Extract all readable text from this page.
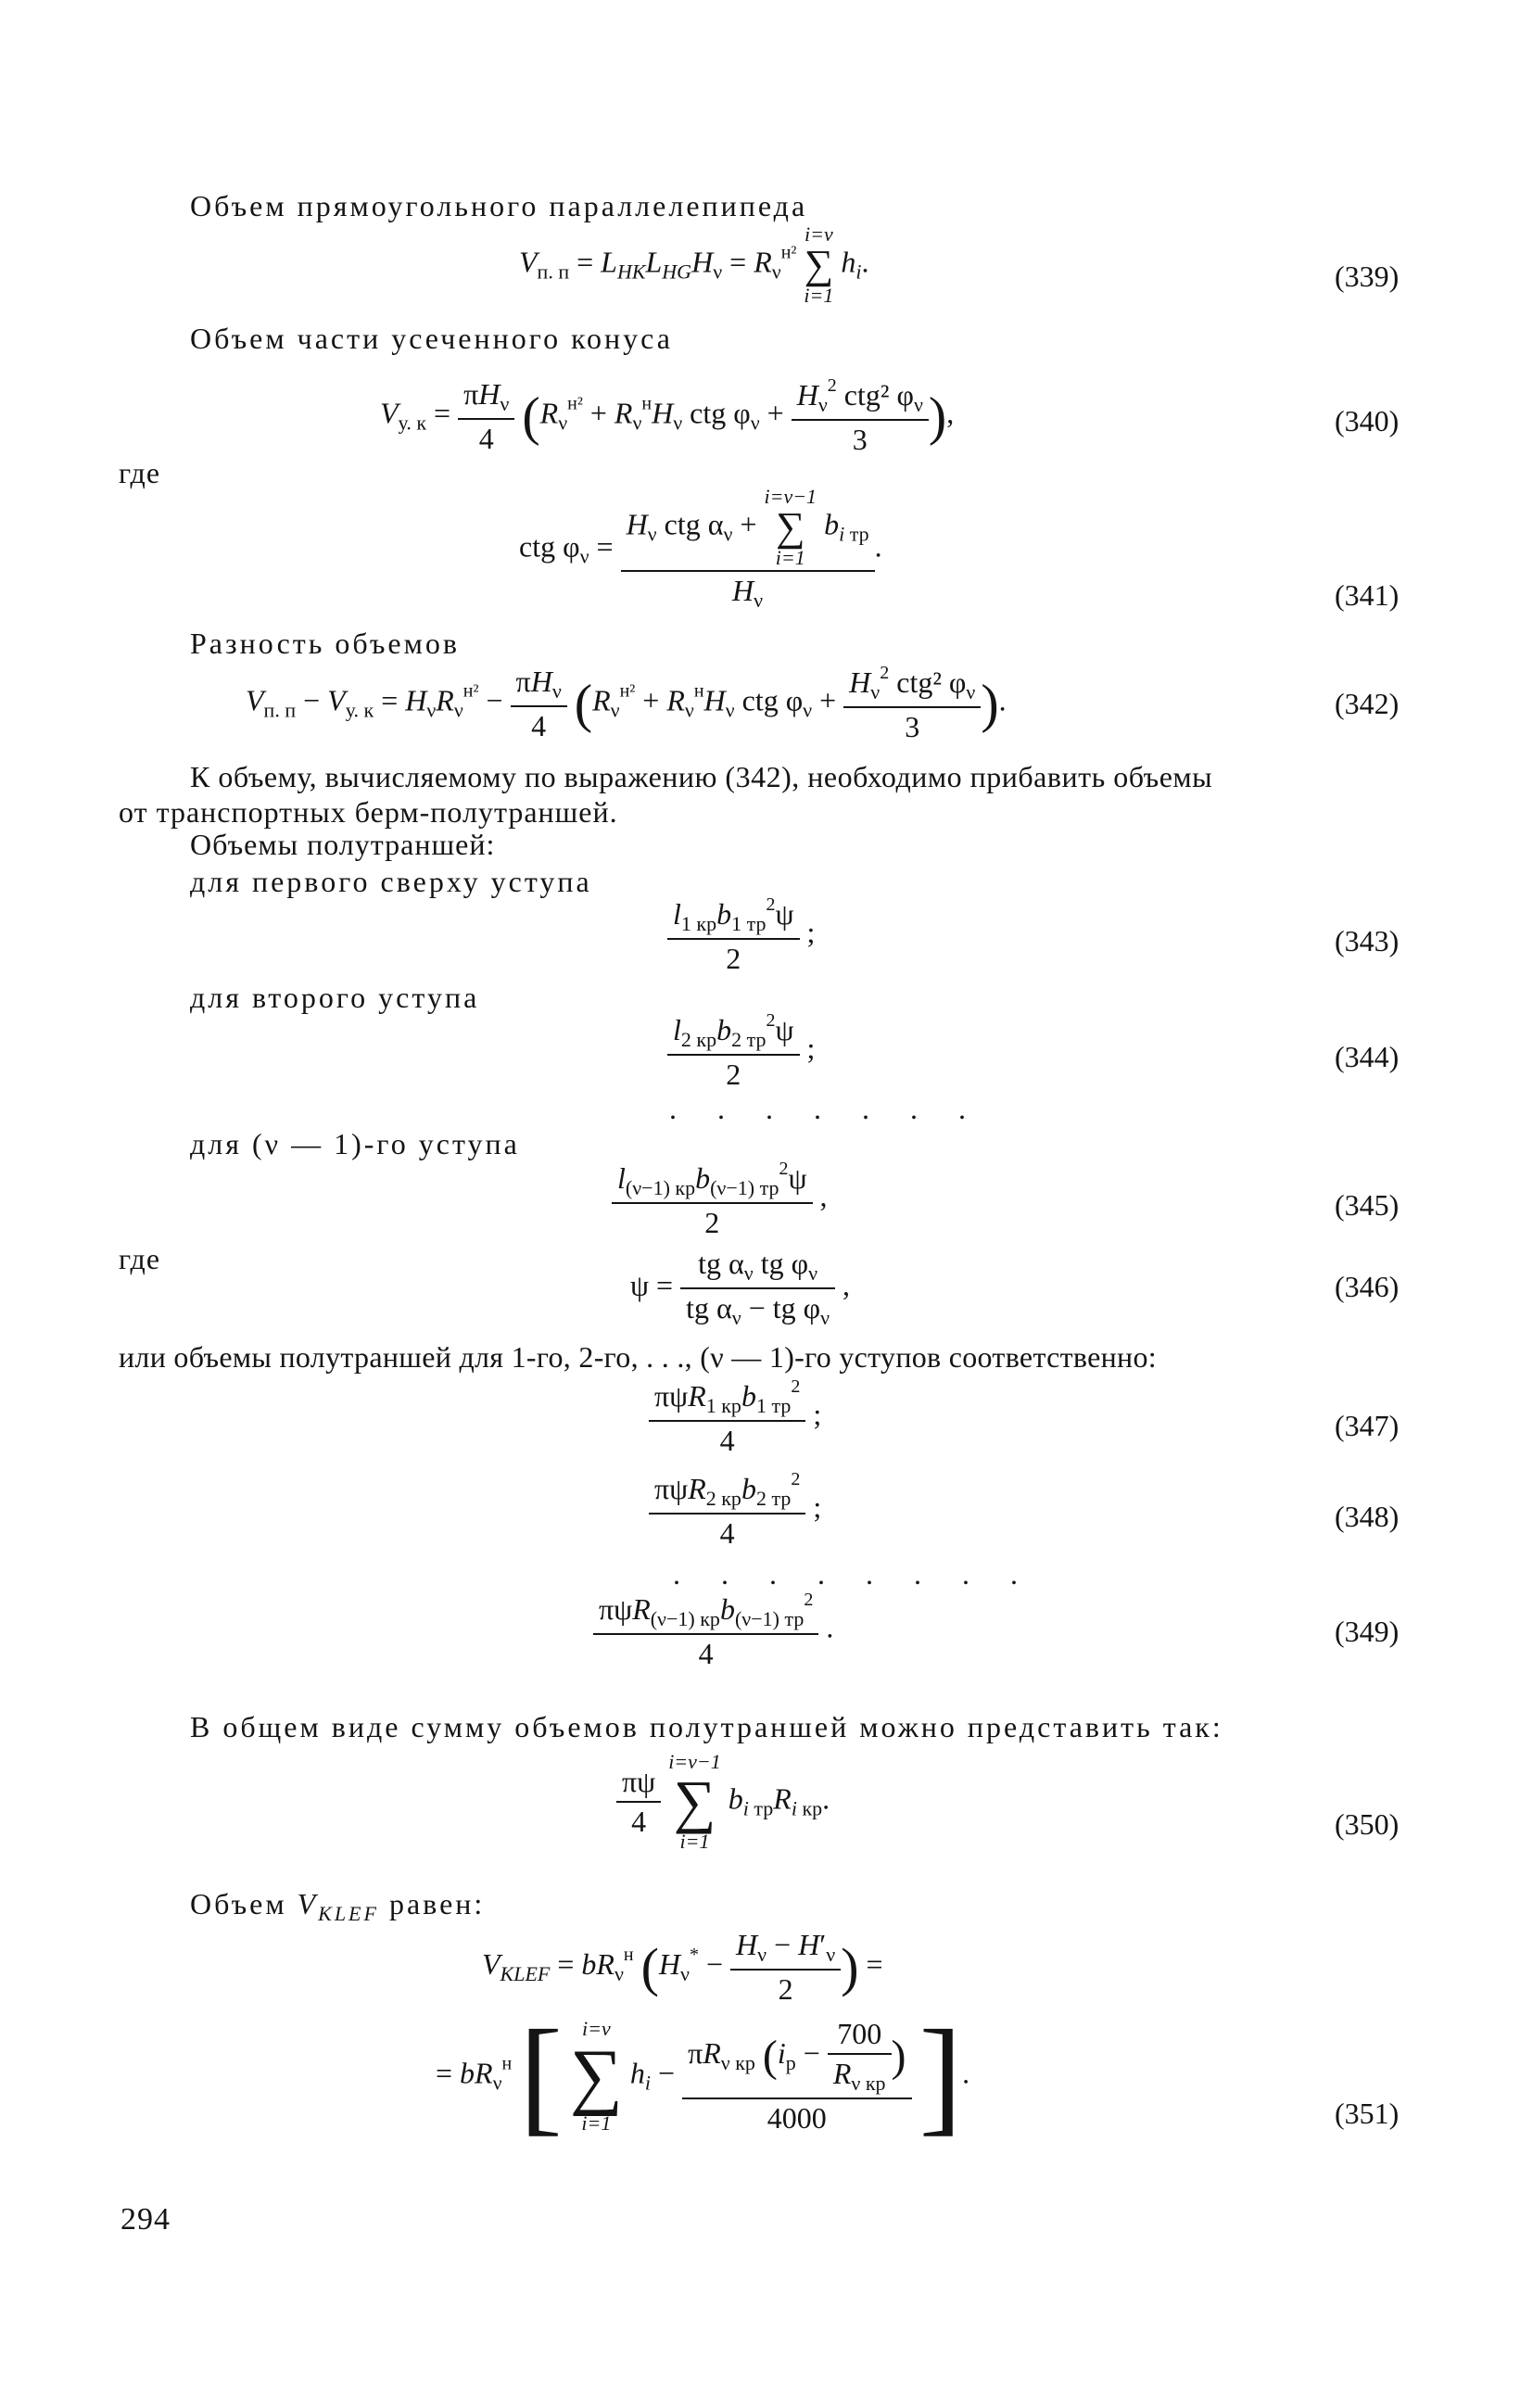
Объем прямоугольного параллелепипеда
$V_{п. п} = L_{HK}L_{HG}H_\nu = R_\nu^{н^2}$
i=ν
∑
i=1
$h_i$.	(339)
Объем части усеченного конуса
$V_{у. к}$ =
$\pi H_\nu$
4 ($R_\nu^{н^2} + R_\nu^нH_\nu$ ctg $\varphi_\nu$ +
$H_\nu^2$ ctg² $\varphi_\nu$
3	),	(340)
где
ctg $\varphi_\nu$ =
$H_\nu$ ctg $\alpha_\nu$ +
i=ν−1
∑
i=1
$b_{i тр}$
$H_\nu$
.
(341)
Разность объемов
$V_{п. п} - V_{у. к} = H_\nu R_\nu^{н^2}$ −
$\pi H_\nu$
4 ($R_\nu^{н^2} + R_\nu^нH_\nu$ ctg $\varphi_\nu$ +
$H_\nu^2$ ctg² $\varphi_\nu$
3	).	(342)
К объему, вычисляемому по выражению (342), необходимо прибавить объемы
от транспортных берм-полутраншей.
Объемы полутраншей:
для первого сверху уступа
$l_{1 кр}b_{1 тр}^2\psi$
2
;	(343)
для второго уступа
$l_{2 кр}b_{2 тр}^2\psi$
2
;	(344)
. . . . . . .
для (ν — 1)-го уступа
$l_{(\nu-1) кр}b_{(\nu-1) тр}^2\psi$
2
,	(345)
где
$\psi = \frac{tg \alpha_\nu tg \varphi_\nu}{tg \alpha_\nu - tg \varphi_\nu}$ ,	(346)
или объемы полутраншей для 1-го, 2-го, . . ., (ν — 1)-го уступов соответственно:
$\pi\psi R_{1 кр}b_{1 тр}^2$
4
;	(347)
$\pi\psi R_{2 кр}b_{2 тр}^2$
4
;	(348)
. . . . . . . .
$\pi\psi R_{(\nu-1) кр}b_{(\nu-1) тр}^2$
4
.	(349)
В общем виде сумму объемов полутраншей можно представить так:
$\frac{\pi\psi}{4}$

i=ν−1
∑
i=1
$b_{i тр}R_{i кр}$.
(350)
Объем $V_{KLEF}$ равен:
$V_{KLEF} = bR_\nu^н$ ($H_\nu^* - \frac{H_\nu - H'_\nu}{2}$ ) =
= $bR_\nu^н$ [ i=ν
∑
i=1
$h_i$ −
$\pi R_{\nu кр}$ ($i_р$ −
700
$R_{\nu кр}$
)
4000 ].
(351)
294
